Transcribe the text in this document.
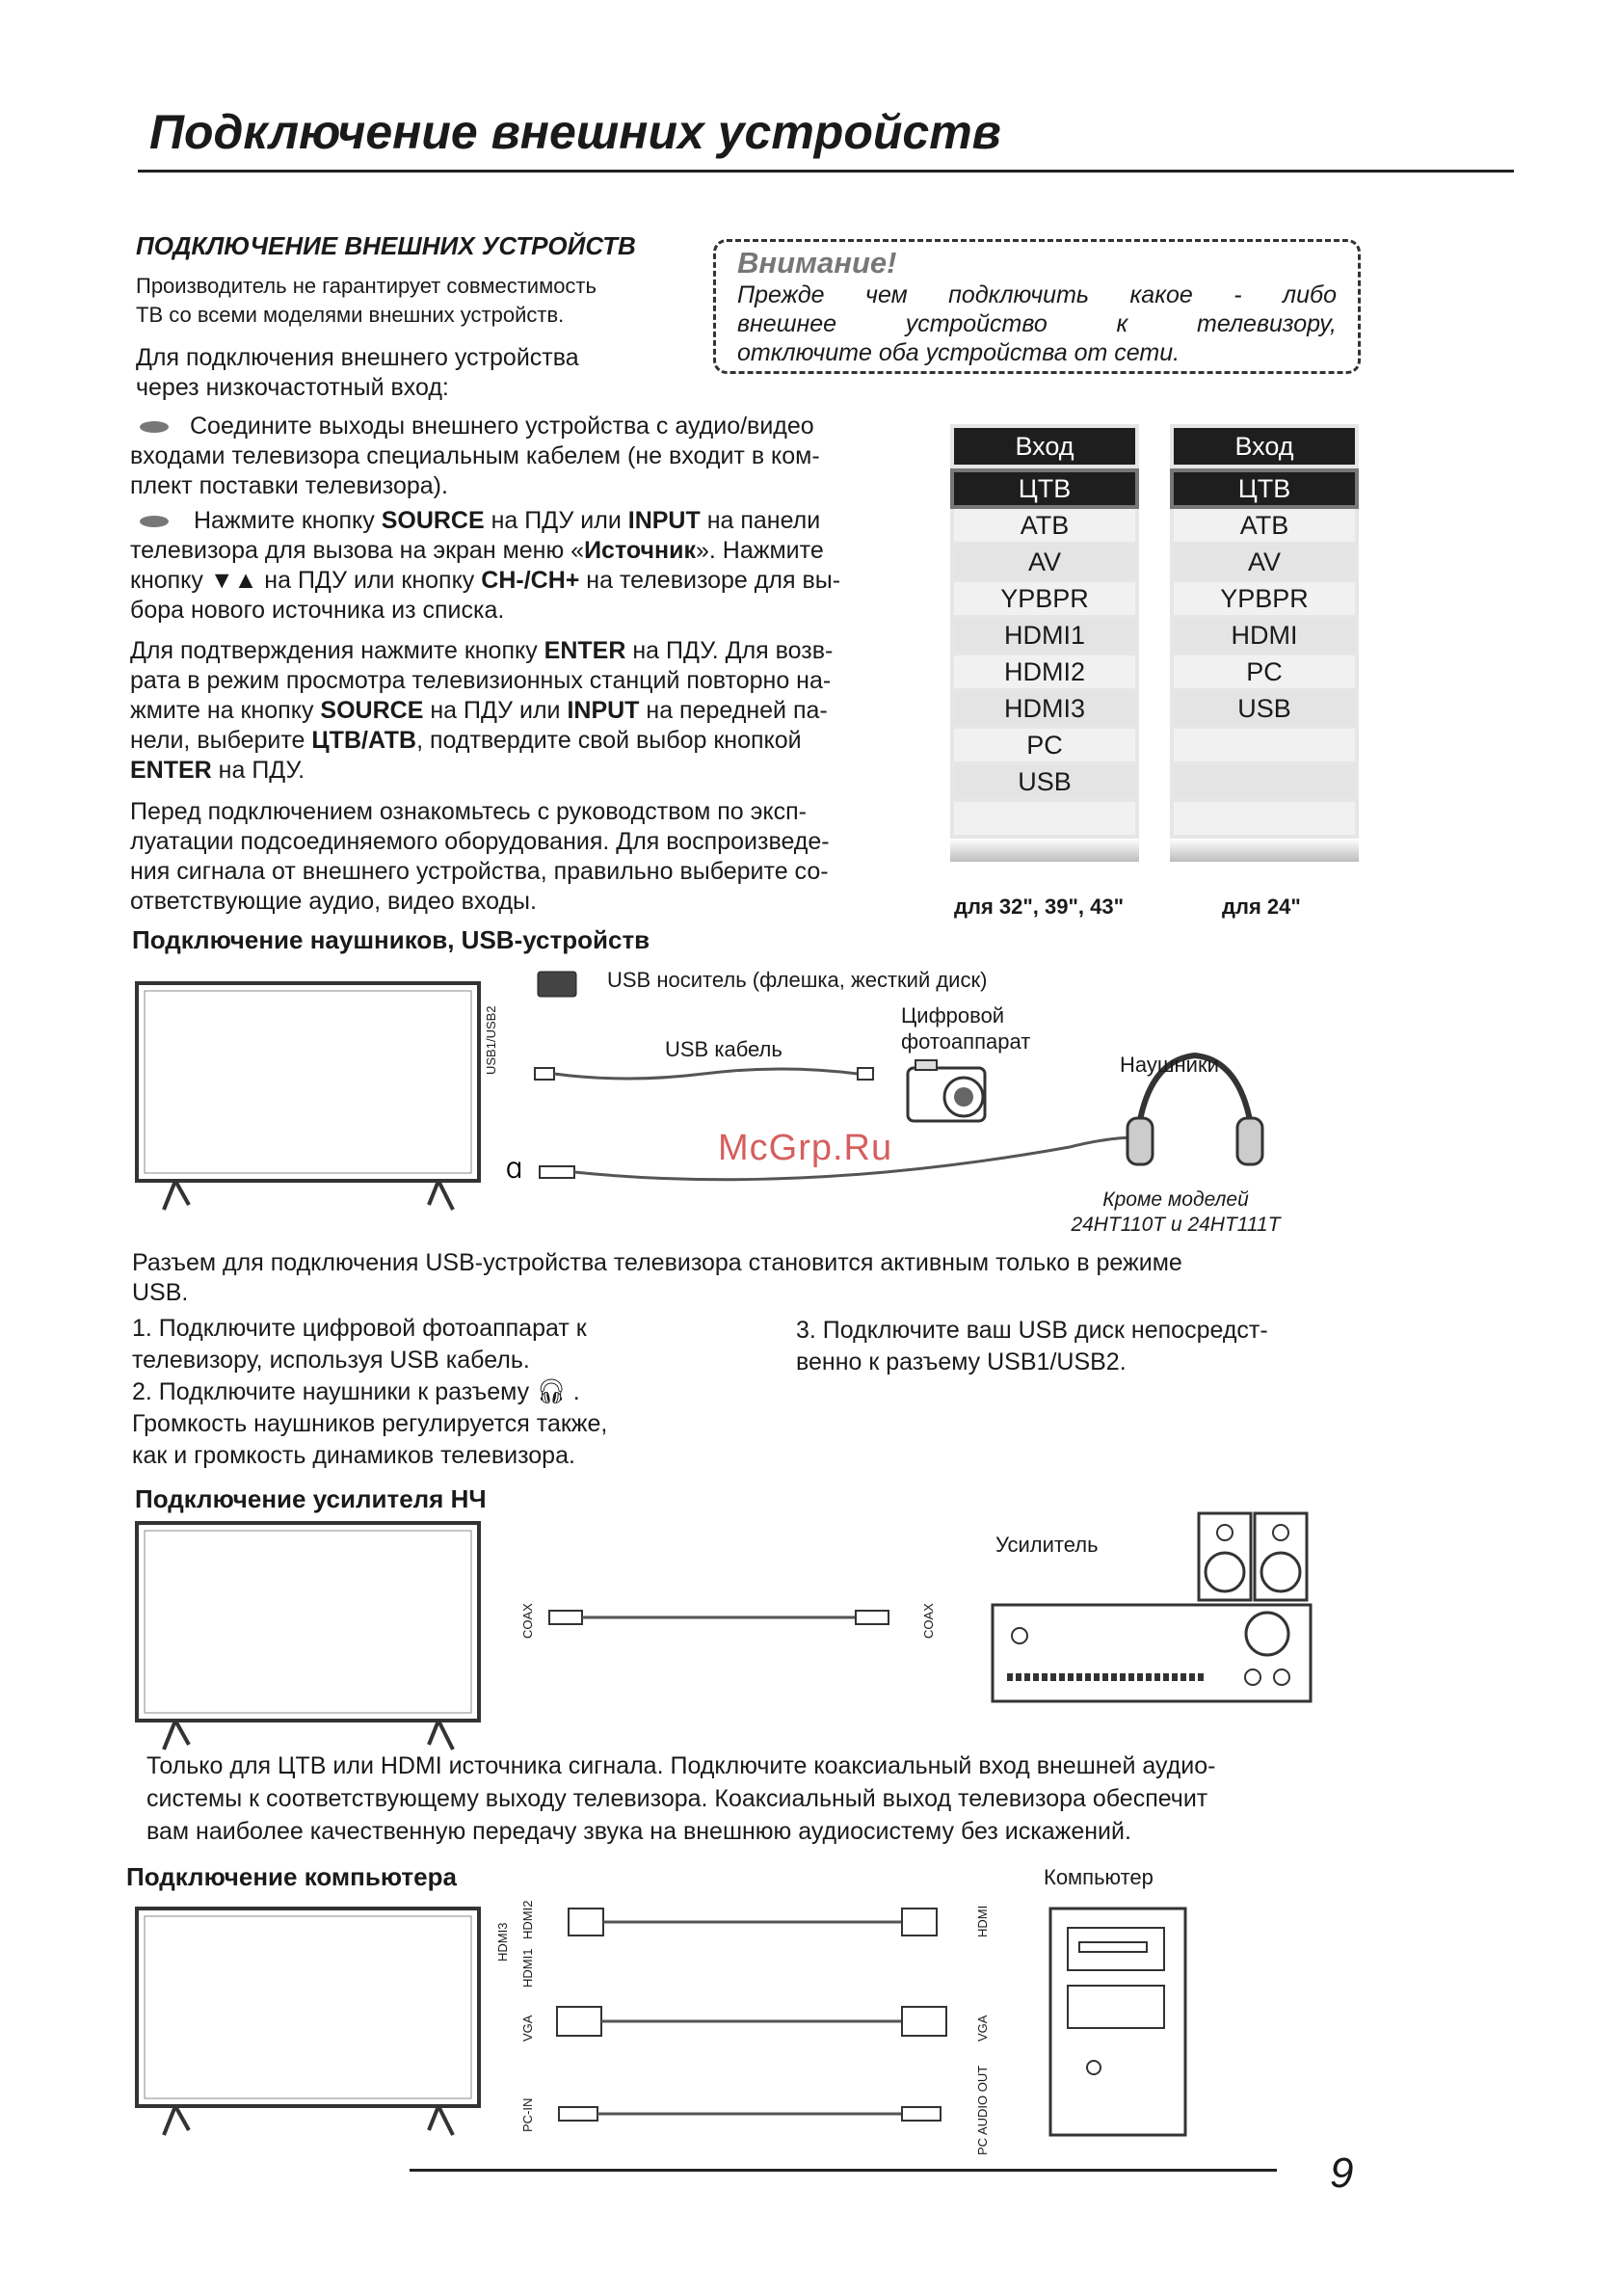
Подключение внешних устройств
ПОДКЛЮЧЕНИЕ ВНЕШНИХ УСТРОЙСТВ
Производитель не гарантирует совместимость
ТВ со всеми моделями внешних устройств.
Для подключения внешнего устройства
через низкочастотный вход:
Соедините выходы внешнего устройства с аудио/видео
входами телевизора специальным кабелем (не входит в ком-
плект поставки телевизора).
Нажмите кнопку SOURCE на ПДУ или INPUT на панели
телевизора для вызова на экран меню «Источник». Нажмите
кнопку ▼▲ на ПДУ или кнопку CH-/CH+ на телевизоре для вы-
бора нового источника из списка.
Для подтверждения нажмите кнопку ENTER на ПДУ. Для возв-
рата в режим просмотра телевизионных станций повторно на-
жмите на кнопку SOURCE на ПДУ или INPUT на передней па-
нели, выберите ЦТВ/АТВ, подтвердите свой выбор кнопкой
ENTER на ПДУ.
Перед подключением ознакомьтесь с руководством по эксп-
луатации подсоединяемого оборудования. Для воспроизведе-
ния сигнала от внешнего устройства, правильно выберите со-
ответствующие аудио, видео входы.
Внимание!
Прежде чем подключить какое - либо
внешнее устройство к телевизору,
отключите оба устройства от сети.
Вход
ЦТВ
АТВ
AV
YPBPR
HDMI1
HDMI2
HDMI3
PC
USB
для 32", 39", 43"
Вход
ЦТВ
АТВ
AV
YPBPR
HDMI
PC
USB
для 24"
Подключение наушников, USB-устройств
Ɑ
USB1/USB2
USB носитель (флешка, жесткий диск)
USB кабель
Цифровой
фотоаппарат
Наушники
Кроме моделей
24HT110T и 24HT111T
McGrp.Ru
Разъем для подключения USB-устройства телевизора становится активным только в режиме
USB.
1. Подключите цифровой фотоаппарат к
телевизору, используя USB кабель.
2. Подключите наушники к разъему 🎧︎ .
Громкость наушников регулируется также,
как и громкость динамиков телевизора.
3. Подключите ваш USB диск непосредст-
венно к разъему USB1/USB2.
Подключение усилителя НЧ
COAX	COAX
Усилитель
Только для ЦТВ или HDMI источника сигнала. Подключите коаксиальный вход внешней аудио-
системы к соответствующему выходу телевизора. Коаксиальный выход телевизора обеспечит
вам наиболее качественную передачу звука на внешнюю аудиосистему без искажений.
Подключение компьютера
HDMI2
HDMI3
HDMI1
HDMI
VGA	VGA
PC-IN	PC AUDIO OUT
Компьютер
9
